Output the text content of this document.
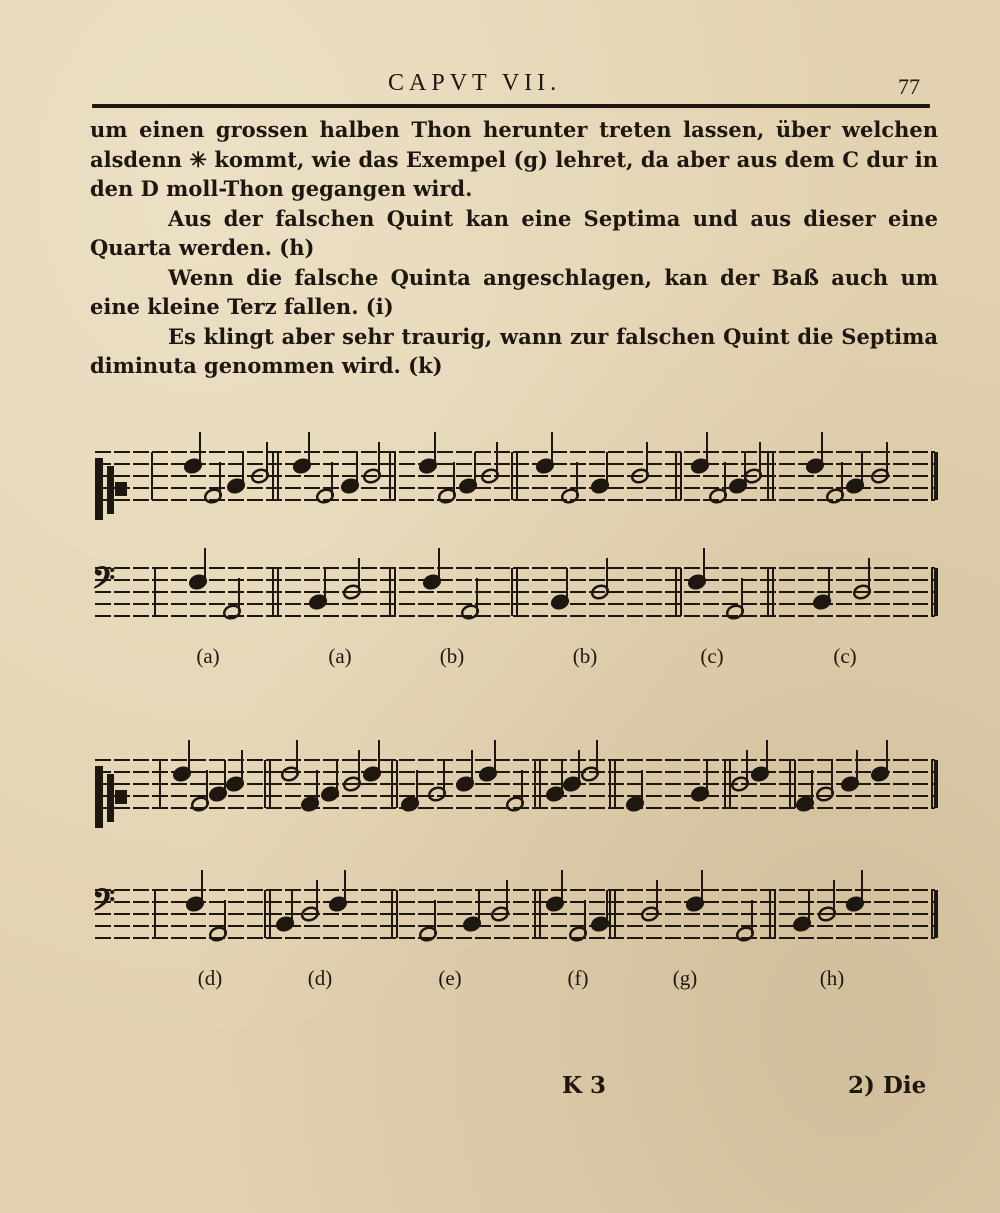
CAPVT VII.	77

um einen grossen halben Thon herunter treten lassen, über welchen alsdenn ✳ kommt, wie das Exempel (g) lehret, da aber aus dem C dur in den D moll-Thon gegangen wird.

Aus der falschen Quint kan eine Septima und aus dieser eine Quarta werden. (h)

Wenn die falsche Quinta angeschlagen, kan der Baß auch um eine kleine Terz fallen. (i)

Es klingt aber sehr traurig, wann zur falschen Quint die Septima diminuta genommen wird. (k)

𝄢
𝄢
(a)	(a)	(b)	(b)	(c)	(c)
(d)	(d)	(e)	(f)	(g)	(h)
K 3	2) Die
